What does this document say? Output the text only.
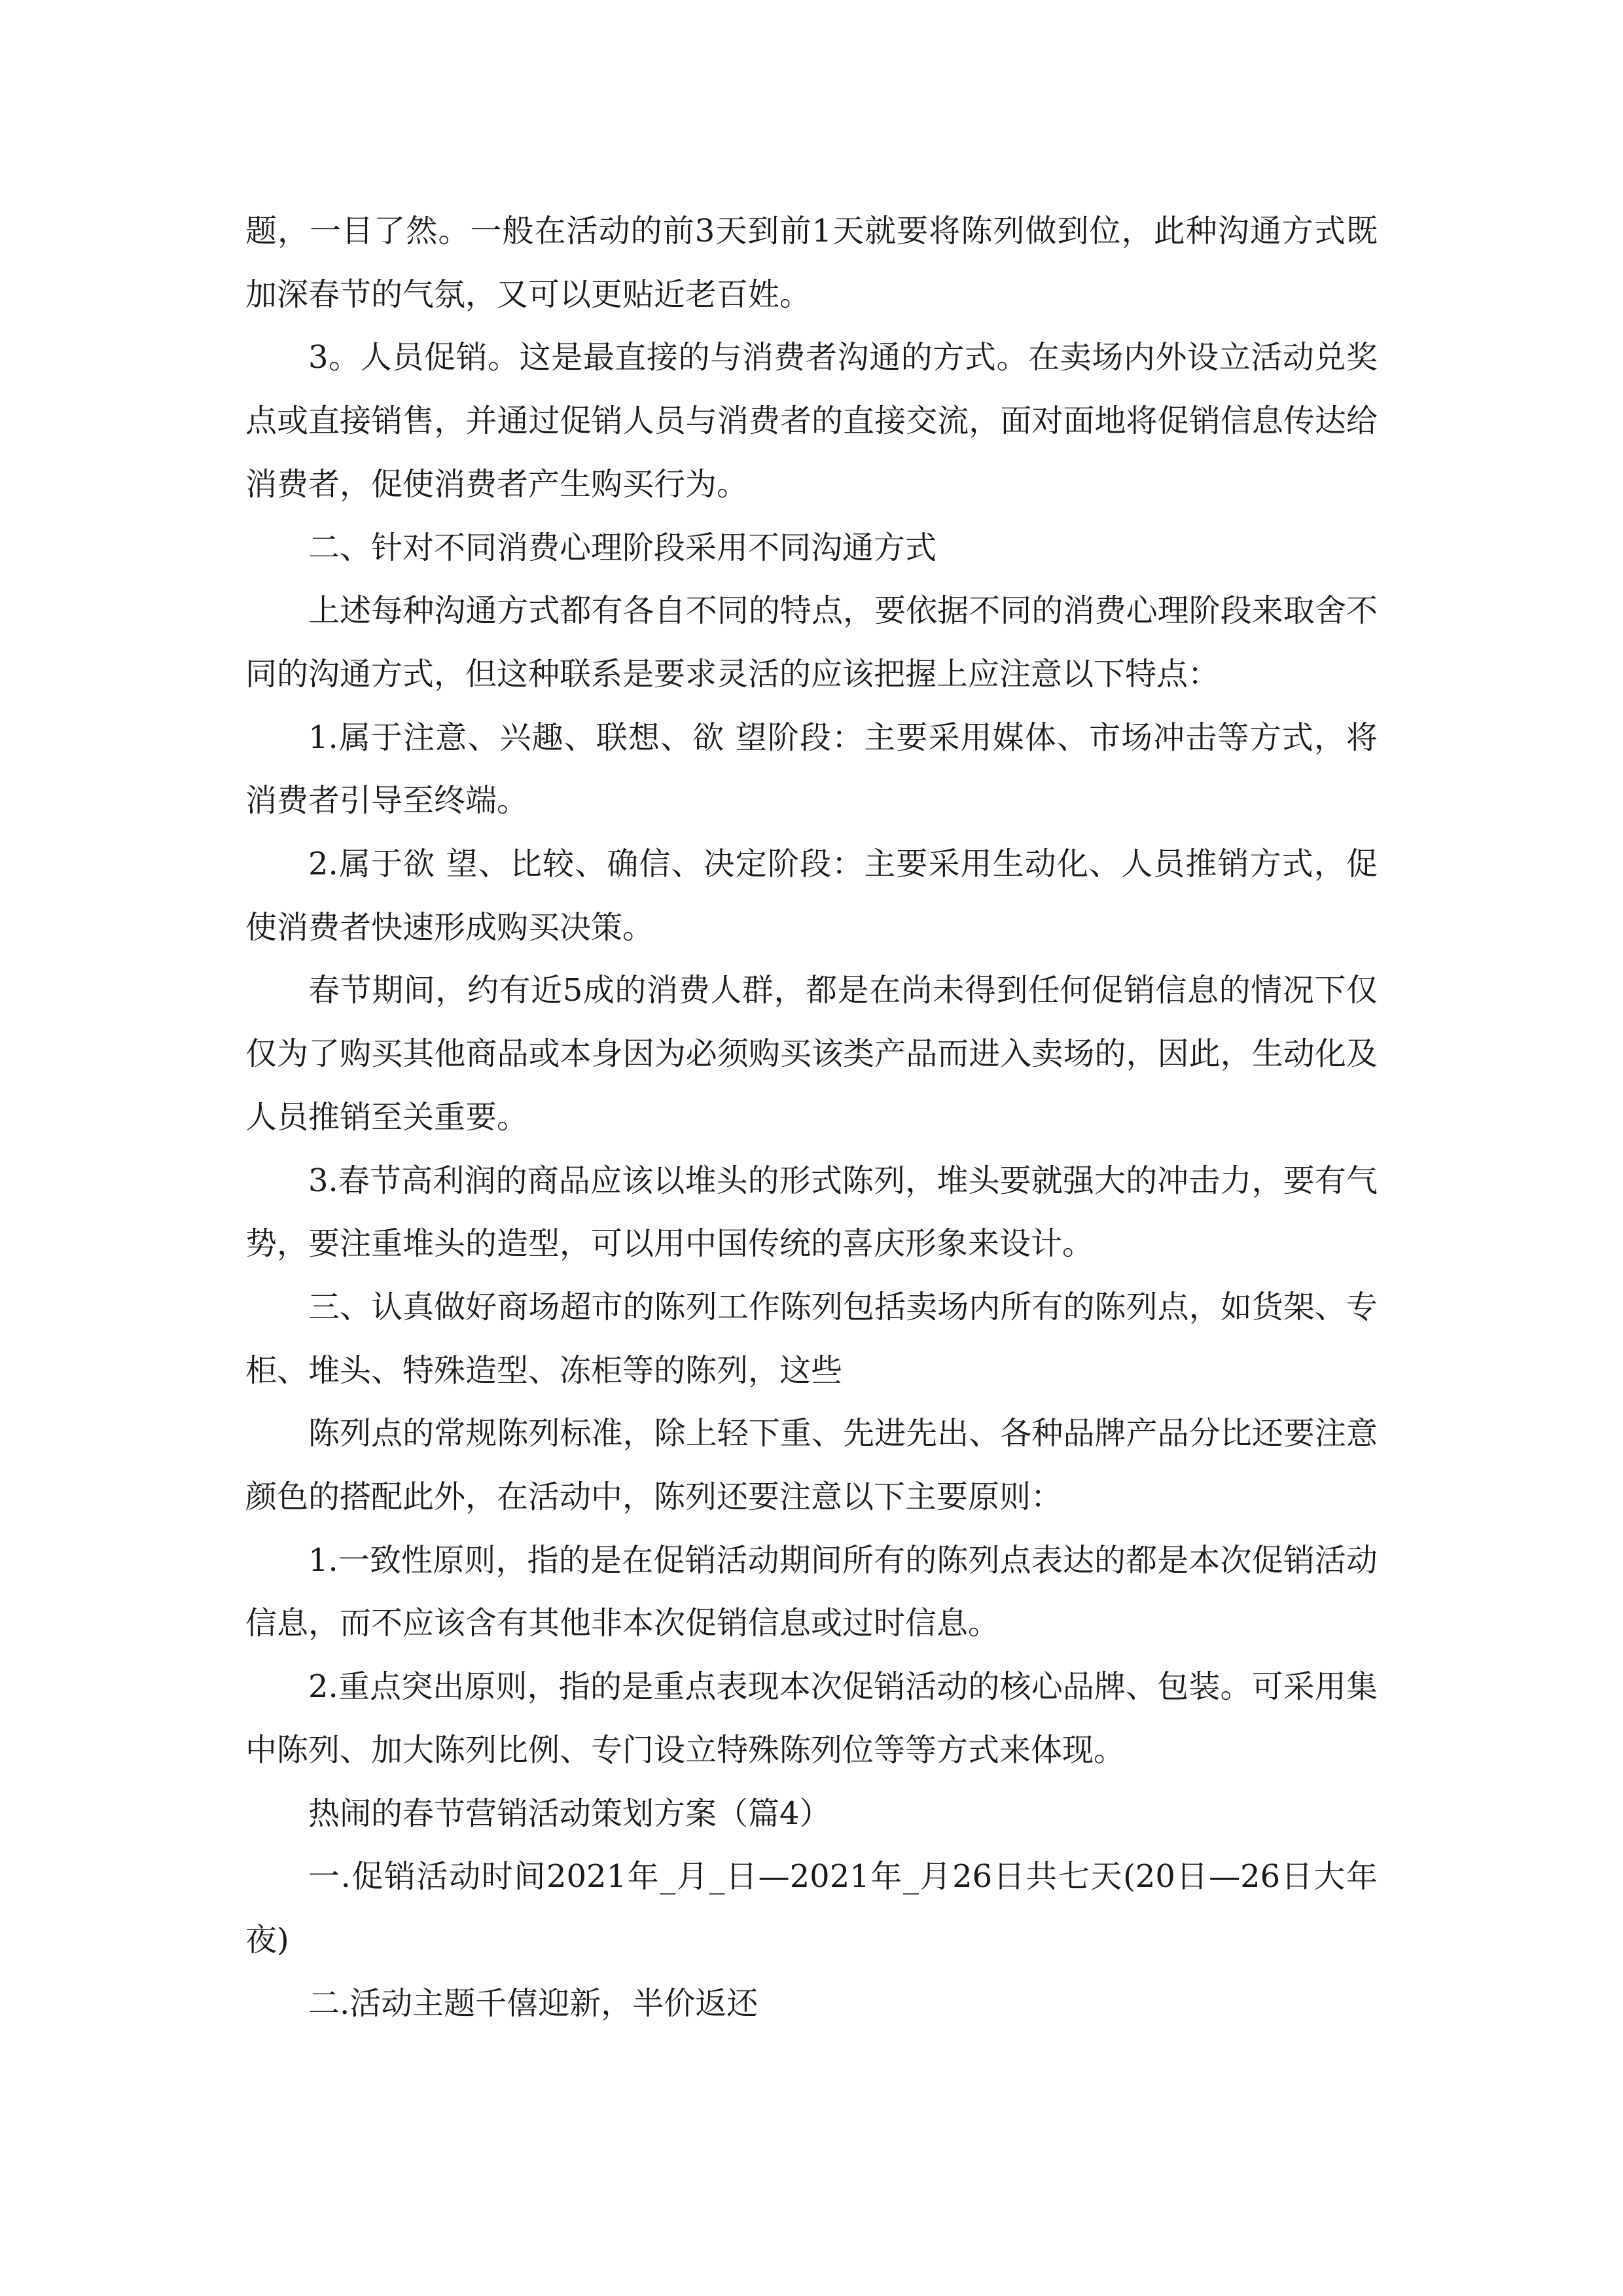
题，一目了然。一般在活动的前3天到前1天就要将陈列做到位，此种沟通方式既加深春节的气氛，又可以更贴近老百姓。

3。人员促销。这是最直接的与消费者沟通的方式。在卖场内外设立活动兑奖点或直接销售，并通过促销人员与消费者的直接交流，面对面地将促销信息传达给消费者，促使消费者产生购买行为。

二、针对不同消费心理阶段采用不同沟通方式

上述每种沟通方式都有各自不同的特点，要依据不同的消费心理阶段来取舍不同的沟通方式，但这种联系是要求灵活的应该把握上应注意以下特点：

1.属于注意、兴趣、联想、欲 望阶段：主要采用媒体、市场冲击等方式，将消费者引导至终端。

2.属于欲 望、比较、确信、决定阶段：主要采用生动化、人员推销方式，促使消费者快速形成购买决策。

春节期间，约有近5成的消费人群，都是在尚未得到任何促销信息的情况下仅仅为了购买其他商品或本身因为必须购买该类产品而进入卖场的，因此，生动化及人员推销至关重要。

3.春节高利润的商品应该以堆头的形式陈列，堆头要就强大的冲击力，要有气势，要注重堆头的造型，可以用中国传统的喜庆形象来设计。

三、认真做好商场超市的陈列工作陈列包括卖场内所有的陈列点，如货架、专柜、堆头、特殊造型、冻柜等的陈列，这些

陈列点的常规陈列标准，除上轻下重、先进先出、各种品牌产品分比还要注意颜色的搭配此外，在活动中，陈列还要注意以下主要原则：

1.一致性原则，指的是在促销活动期间所有的陈列点表达的都是本次促销活动信息，而不应该含有其他非本次促销信息或过时信息。

2.重点突出原则，指的是重点表现本次促销活动的核心品牌、包装。可采用集中陈列、加大陈列比例、专门设立特殊陈列位等等方式来体现。

热闹的春节营销活动策划方案（篇4）

一.促销活动时间2021年_月_日—2021年_月26日共七天(20日—26日大年夜)

二.活动主题千僖迎新，半价返还
